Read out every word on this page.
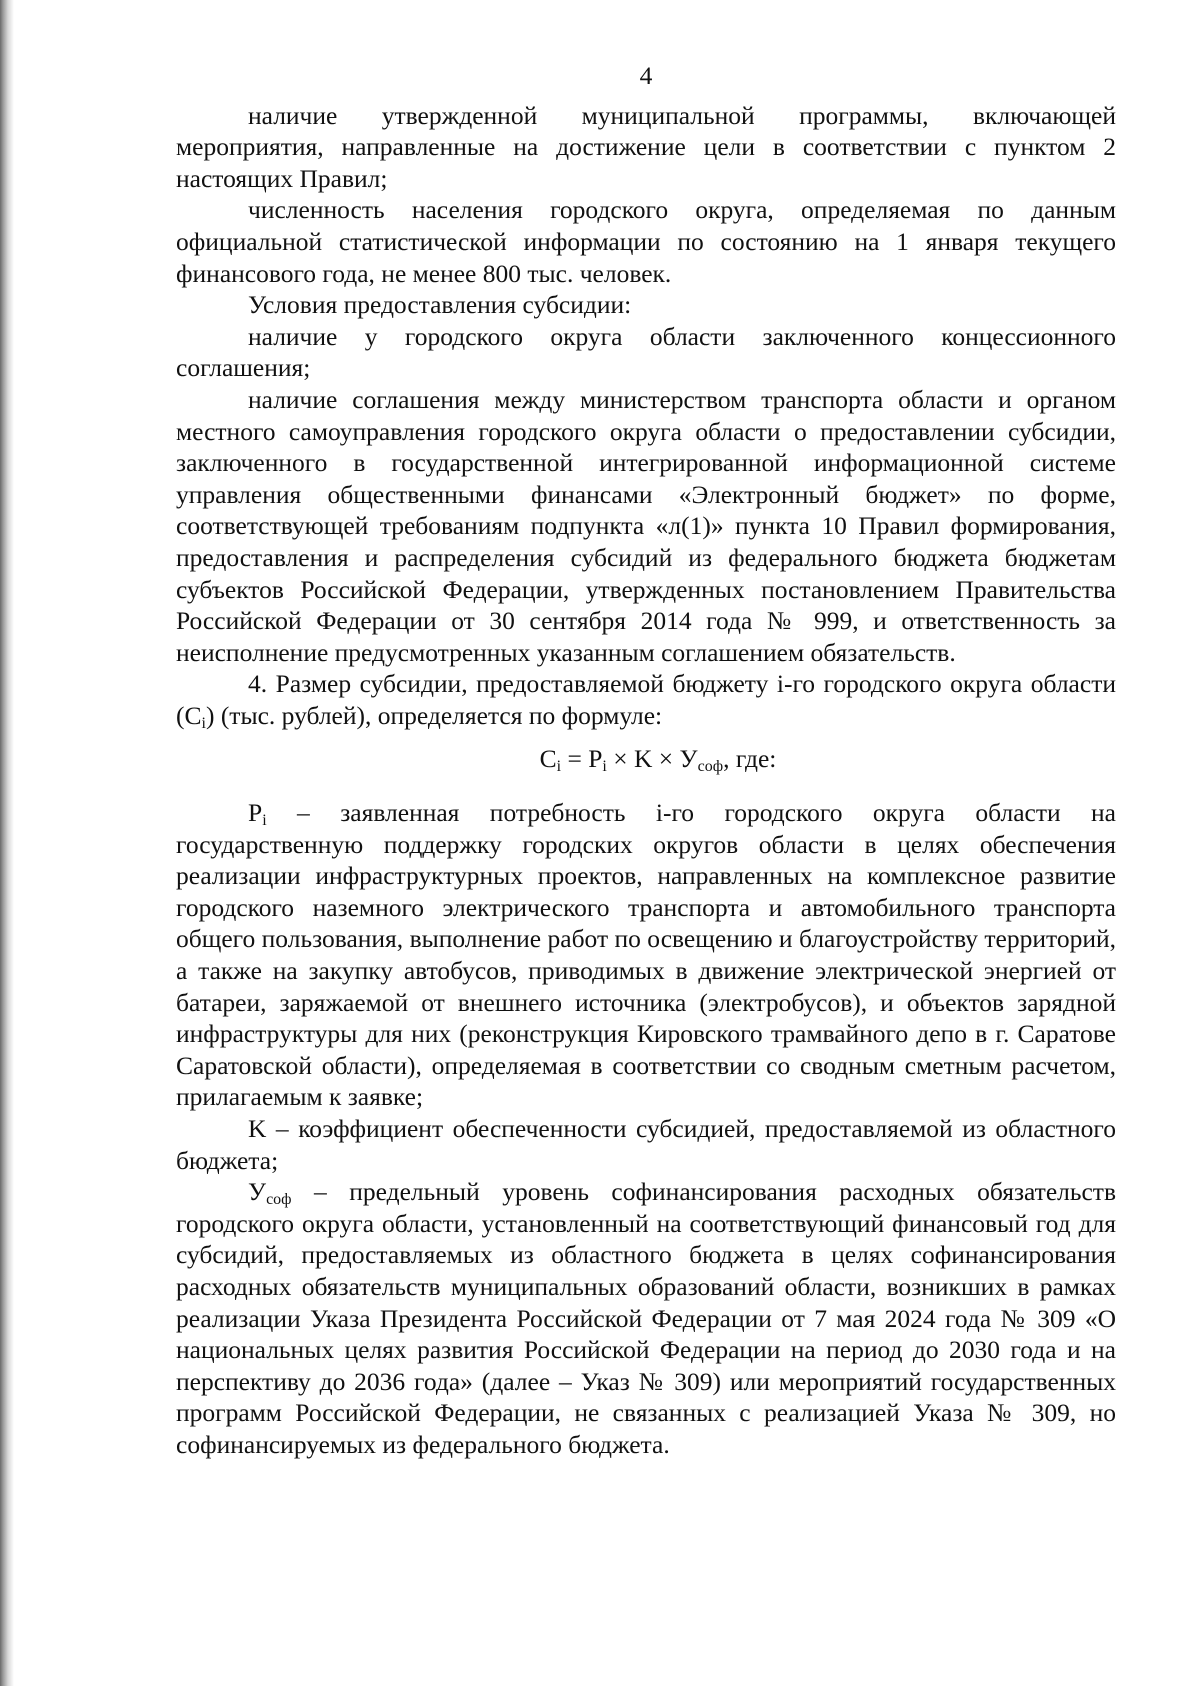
4

наличие утвержденной муниципальной программы, включающей мероприятия, направленные на достижение цели в соответствии с пунктом 2 настоящих Правил;

численность населения городского округа, определяемая по данным официальной статистической информации по состоянию на 1 января текущего финансового года, не менее 800 тыс. человек.

Условия предоставления субсидии:

наличие у городского округа области заключенного концессионного соглашения;

наличие соглашения между министерством транспорта области и органом местного самоуправления городского округа области о предоставлении субсидии, заключенного в государственной интегрированной информационной системе управления общественными финансами «Электронный бюджет» по форме, соответствующей требованиям подпункта «л(1)» пункта 10 Правил формирования, предоставления и распределения субсидий из федерального бюджета бюджетам субъектов Российской Федерации, утвержденных постановлением Правительства Российской Федерации от 30 сентября 2014 года № 999, и ответственность за неисполнение предусмотренных указанным соглашением обязательств.

4. Размер субсидии, предоставляемой бюджету i-го городского округа области $(C_i)$ (тыс. рублей), определяется по формуле:

$C_i = P_i \times K \times У_{соф}$, где:

$P_i$ – заявленная потребность i-го городского округа области на государственную поддержку городских округов области в целях обеспечения реализации инфраструктурных проектов, направленных на комплексное развитие городского наземного электрического транспорта и автомобильного транспорта общего пользования, выполнение работ по освещению и благоустройству территорий, а также на закупку автобусов, приводимых в движение электрической энергией от батареи, заряжаемой от внешнего источника (электробусов), и объектов зарядной инфраструктуры для них (реконструкция Кировского трамвайного депо в г. Саратове Саратовской области), определяемая в соответствии со сводным сметным расчетом, прилагаемым к заявке;

K – коэффициент обеспеченности субсидией, предоставляемой из областного бюджета;

$У_{соф}$ – предельный уровень софинансирования расходных обязательств городского округа области, установленный на соответствующий финансовый год для субсидий, предоставляемых из областного бюджета в целях софинансирования расходных обязательств муниципальных образований области, возникших в рамках реализации Указа Президента Российской Федерации от 7 мая 2024 года № 309 «О национальных целях развития Российской Федерации на период до 2030 года и на перспективу до 2036 года» (далее – Указ № 309) или мероприятий государственных программ Российской Федерации, не связанных с реализацией Указа № 309, но софинансируемых из федерального бюджета.
